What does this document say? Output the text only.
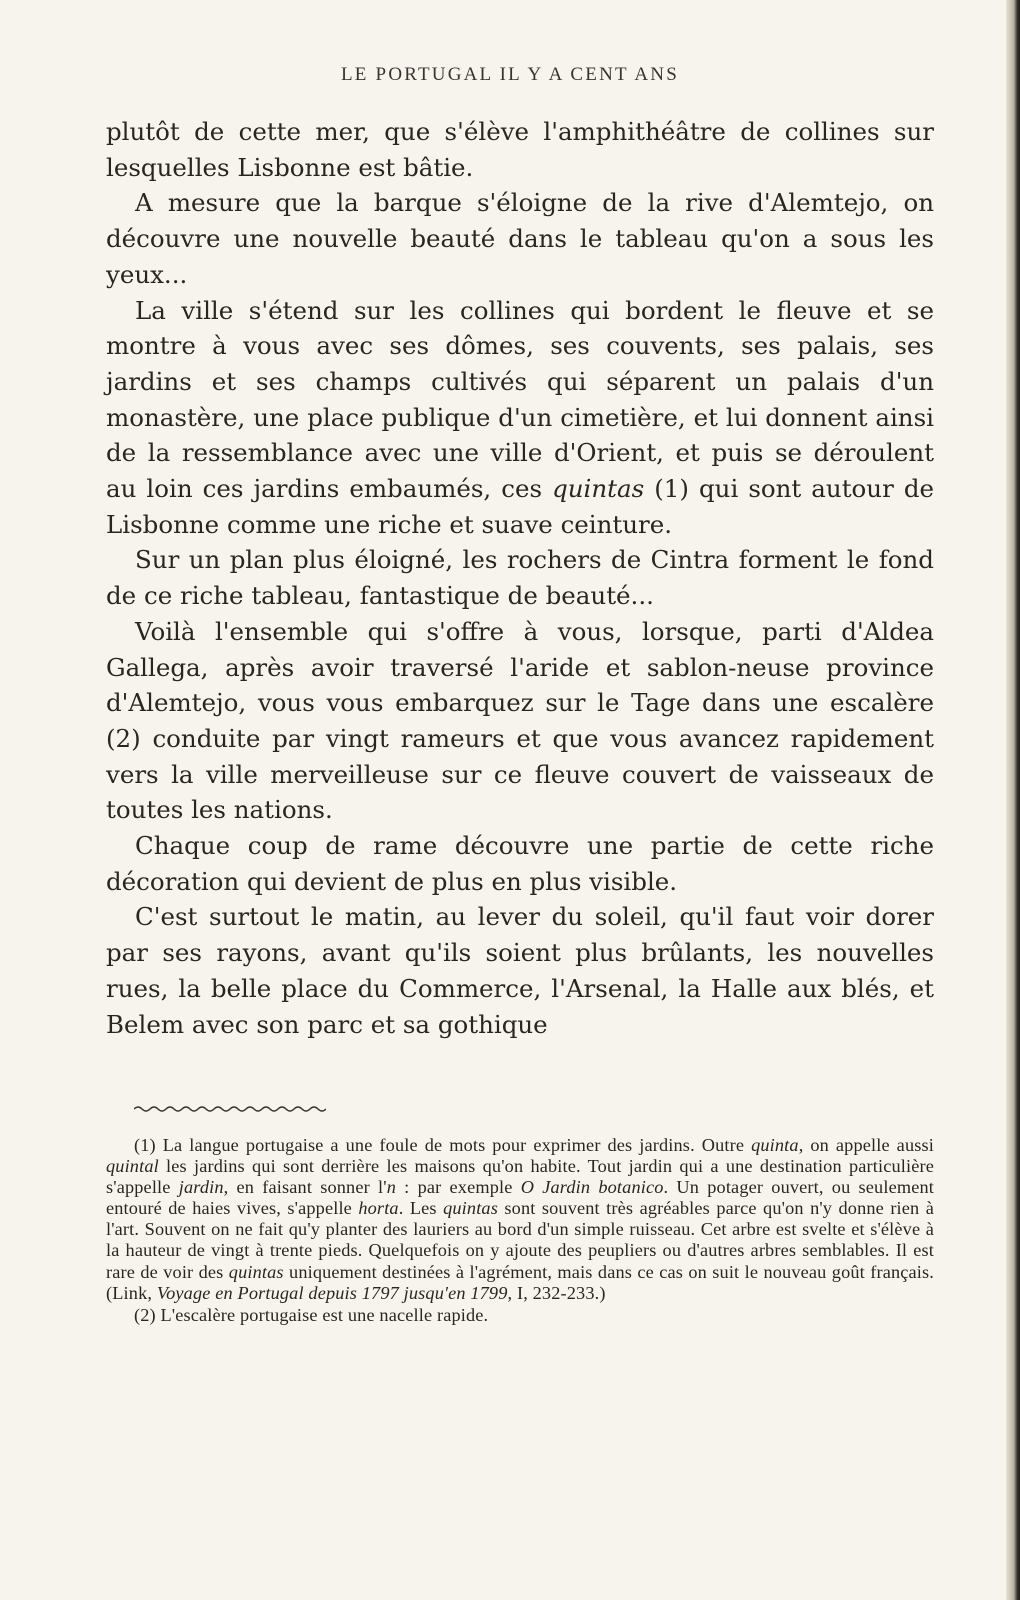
LE PORTUGAL IL Y A CENT ANS

plutôt de cette mer, que s'élève l'amphithéâtre de collines sur lesquelles Lisbonne est bâtie.

A mesure que la barque s'éloigne de la rive d'Alemtejo, on découvre une nouvelle beauté dans le tableau qu'on a sous les yeux...

La ville s'étend sur les collines qui bordent le fleuve et se montre à vous avec ses dômes, ses couvents, ses palais, ses jardins et ses champs cultivés qui séparent un palais d'un monastère, une place publique d'un cimetière, et lui donnent ainsi de la ressemblance avec une ville d'Orient, et puis se déroulent au loin ces jardins embaumés, ces quintas (1) qui sont autour de Lisbonne comme une riche et suave ceinture.

Sur un plan plus éloigné, les rochers de Cintra forment le fond de ce riche tableau, fantastique de beauté...

Voilà l'ensemble qui s'offre à vous, lorsque, parti d'Aldea Gallega, après avoir traversé l'aride et sablon-neuse province d'Alemtejo, vous vous embarquez sur le Tage dans une escalère (2) conduite par vingt rameurs et que vous avancez rapidement vers la ville merveilleuse sur ce fleuve couvert de vaisseaux de toutes les nations.

Chaque coup de rame découvre une partie de cette riche décoration qui devient de plus en plus visible.

C'est surtout le matin, au lever du soleil, qu'il faut voir dorer par ses rayons, avant qu'ils soient plus brûlants, les nouvelles rues, la belle place du Commerce, l'Arsenal, la Halle aux blés, et Belem avec son parc et sa gothique

(1) La langue portugaise a une foule de mots pour exprimer des jardins. Outre quinta, on appelle aussi quintal les jardins qui sont derrière les maisons qu'on habite. Tout jardin qui a une destination particulière s'appelle jardin, en faisant sonner l'n : par exemple O Jardin botanico. Un potager ouvert, ou seulement entouré de haies vives, s'appelle horta. Les quintas sont souvent très agréables parce qu'on n'y donne rien à l'art. Souvent on ne fait qu'y planter des lauriers au bord d'un simple ruisseau. Cet arbre est svelte et s'élève à la hauteur de vingt à trente pieds. Quelquefois on y ajoute des peupliers ou d'autres arbres semblables. Il est rare de voir des quintas uniquement destinées à l'agrément, mais dans ce cas on suit le nouveau goût français. (Link, Voyage en Portugal depuis 1797 jusqu'en 1799, I, 232-233.)

(2) L'escalère portugaise est une nacelle rapide.
